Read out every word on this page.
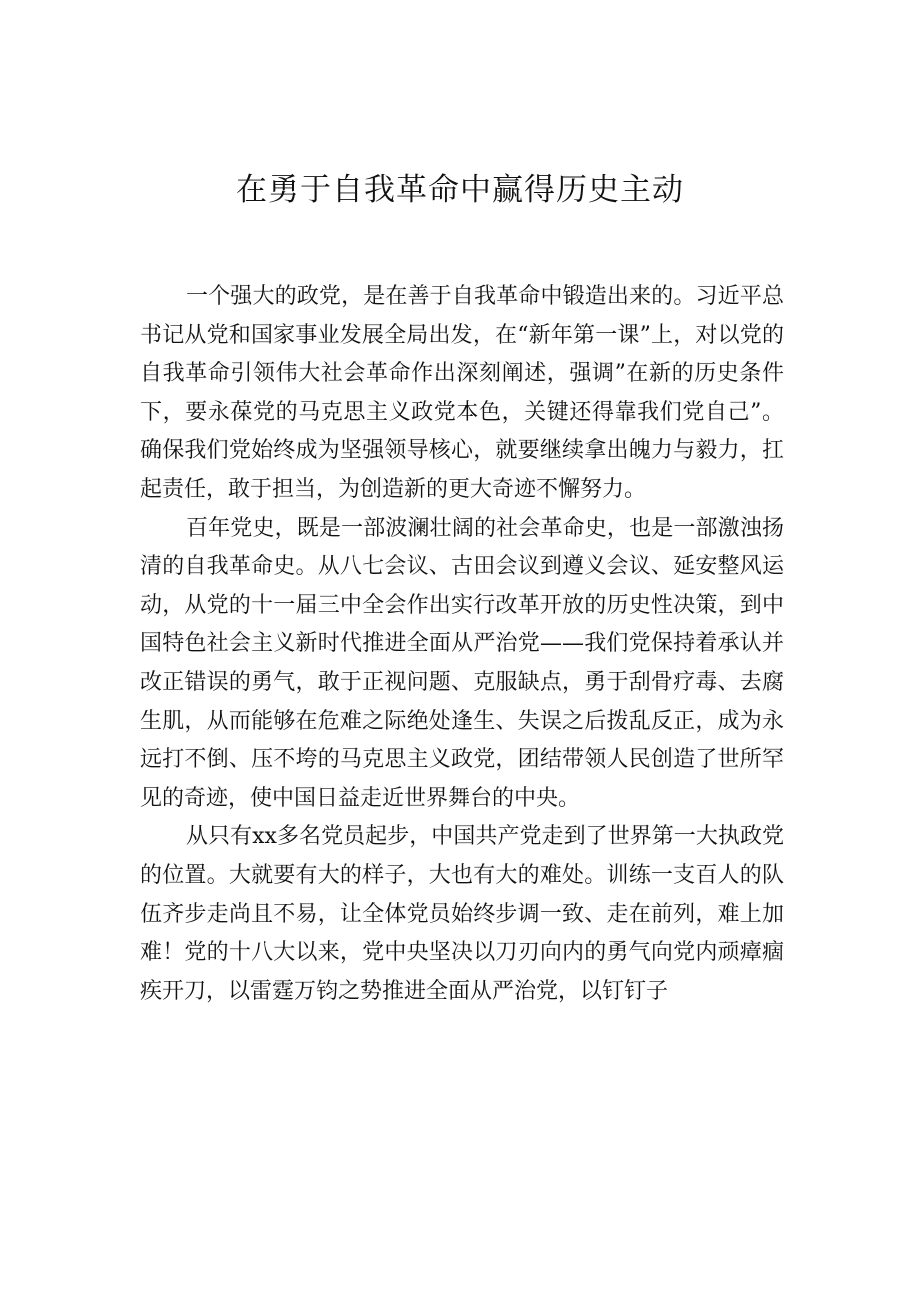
在勇于自我革命中赢得历史主动

一个强大的政党，是在善于自我革命中锻造出来的。习近平总书记从党和国家事业发展全局出发，在“新年第一课”上，对以党的自我革命引领伟大社会革命作出深刻阐述，强调”在新的历史条件下，要永葆党的马克思主义政党本色，关键还得靠我们党自己”。确保我们党始终成为坚强领导核心，就要继续拿出魄力与毅力，扛起责任，敢于担当，为创造新的更大奇迹不懈努力。

百年党史，既是一部波澜壮阔的社会革命史，也是一部激浊扬清的自我革命史。从八七会议、古田会议到遵义会议、延安整风运动，从党的十一届三中全会作出实行改革开放的历史性决策，到中国特色社会主义新时代推进全面从严治党——我们党保持着承认并改正错误的勇气，敢于正视问题、克服缺点，勇于刮骨疗毒、去腐生肌，从而能够在危难之际绝处逢生、失误之后拨乱反正，成为永远打不倒、压不垮的马克思主义政党，团结带领人民创造了世所罕见的奇迹，使中国日益走近世界舞台的中央。

从只有xx多名党员起步，中国共产党走到了世界第一大执政党的位置。大就要有大的样子，大也有大的难处。训练一支百人的队伍齐步走尚且不易，让全体党员始终步调一致、走在前列，难上加难！党的十八大以来，党中央坚决以刀刃向内的勇气向党内顽瘴痼疾开刀，以雷霆万钧之势推进全面从严治党，以钉钉子
